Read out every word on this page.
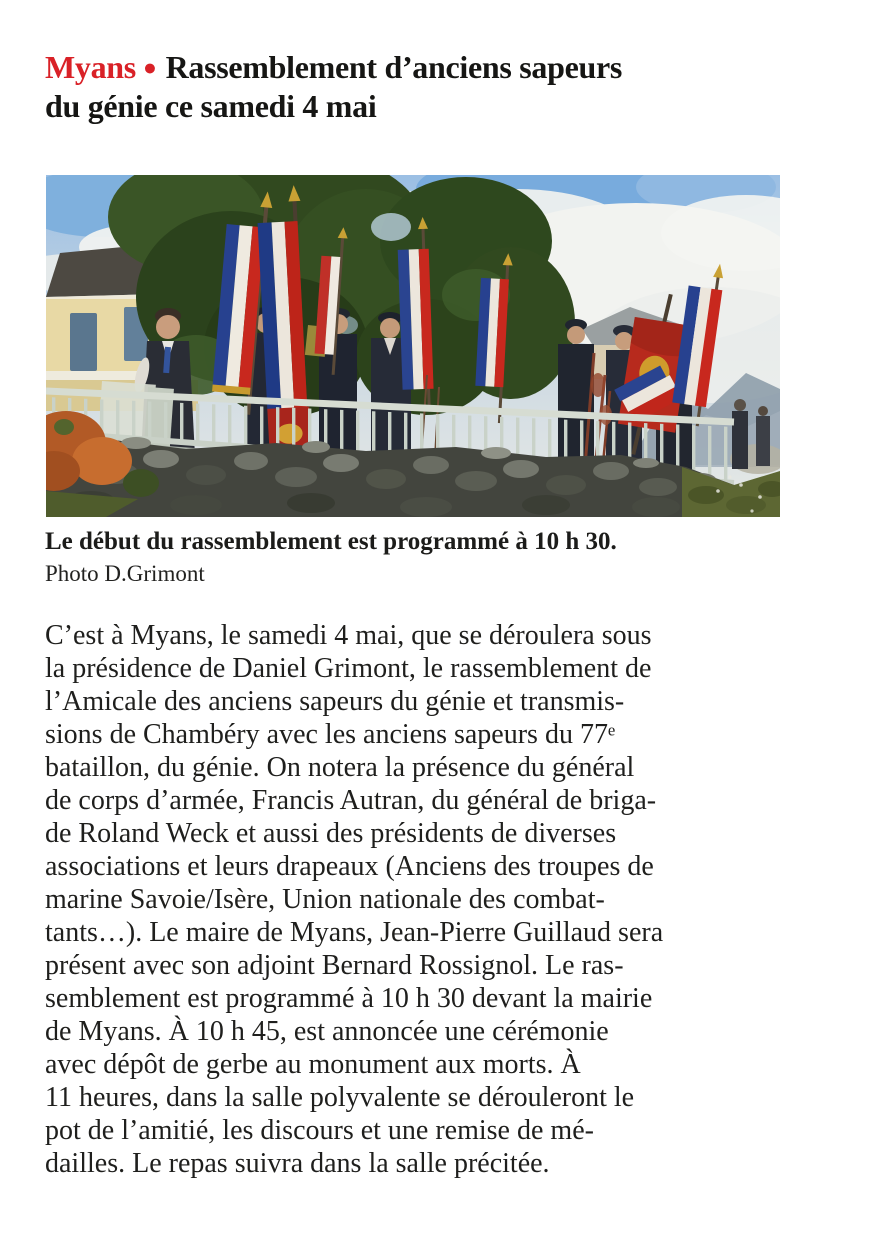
Myans ● Rassemblement d’anciens sapeurs
du génie ce samedi 4 mai
Le début du rassemblement est programmé à 10 h 30.
Photo D.Grimont
C’est à Myans, le samedi 4 mai, que se déroulera sous
la présidence de Daniel Grimont, le rassemblement de
l’Amicale des anciens sapeurs du génie et transmis-
sions de Chambéry avec les anciens sapeurs du 77ᵉ
bataillon, du génie. On notera la présence du général
de corps d’armée, Francis Autran, du général de briga-
de Roland Weck et aussi des présidents de diverses
associations et leurs drapeaux (Anciens des troupes de
marine Savoie/Isère, Union nationale des combat-
tants…). Le maire de Myans, Jean-Pierre Guillaud sera
présent avec son adjoint Bernard Rossignol. Le ras-
semblement est programmé à 10 h 30 devant la mairie
de Myans. À 10 h 45, est annoncée une cérémonie
avec dépôt de gerbe au monument aux morts. À
11 heures, dans la salle polyvalente se dérouleront le
pot de l’amitié, les discours et une remise de mé-
dailles. Le repas suivra dans la salle précitée.
